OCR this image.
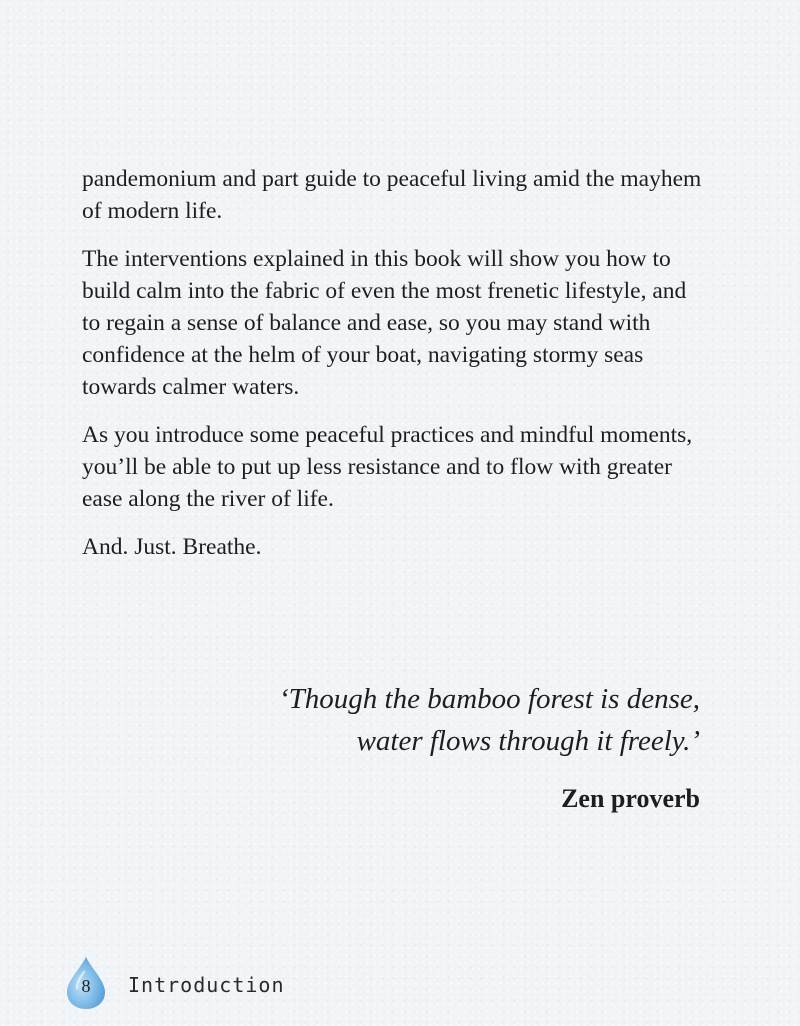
pandemonium and part guide to peaceful living amid the mayhem of modern life.

The interventions explained in this book will show you how to build calm into the fabric of even the most frenetic lifestyle, and to regain a sense of balance and ease, so you may stand with confidence at the helm of your boat, navigating stormy seas towards calmer waters.

As you introduce some peaceful practices and mindful moments, you’ll be able to put up less resistance and to flow with greater ease along the river of life.

And. Just. Breathe.

‘Though the bamboo forest is dense,
water flows through it freely.’
Zen proverb
8	Introduction
